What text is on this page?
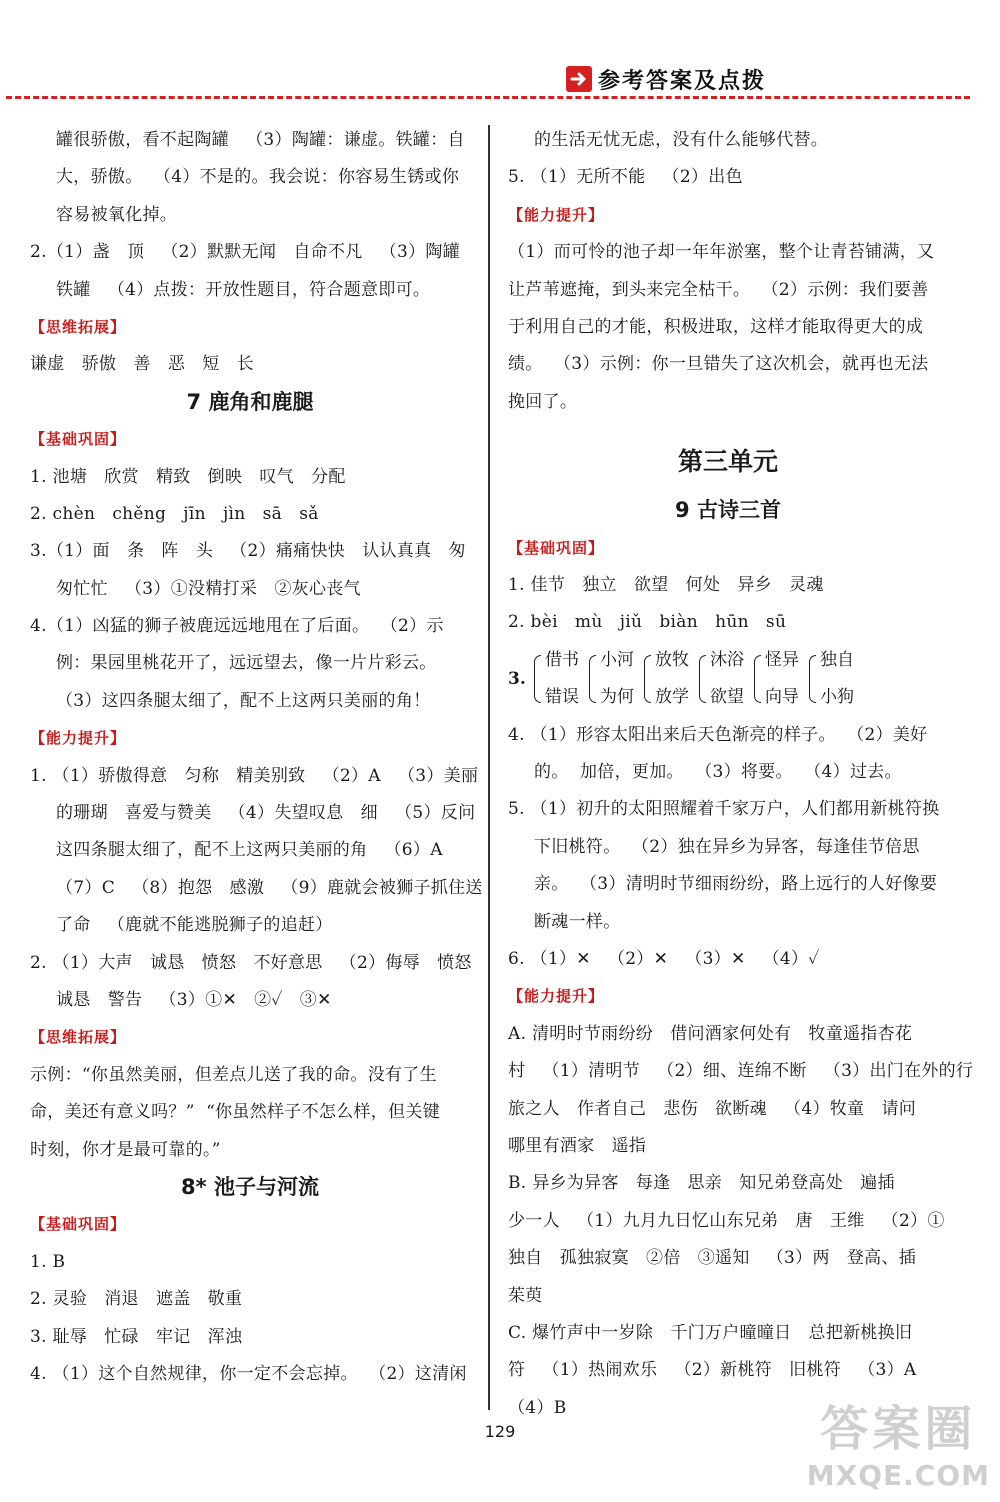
参考答案及点拨
罐很骄傲，看不起陶罐   （3）陶罐：谦虚。铁罐：自
大，骄傲。  （4）不是的。我会说：你容易生锈或你
容易被氧化掉。
2.（1）盏   顶   （2）默默无闻   自命不凡   （3）陶罐
铁罐   （4）点拨：开放性题目，符合题意即可。
【思维拓展】
谦虚   骄傲   善   恶   短   长
7 鹿角和鹿腿
【基础巩固】
1. 池塘   欣赏   精致   倒映   叹气   分配
2. chèn   chěng   jīn   jìn   sā   sǎ
3.（1）面   条   阵   头   （2）痛痛快快   认认真真   匆
匆忙忙   （3）①没精打采   ②灰心丧气
4.（1）凶猛的狮子被鹿远远地甩在了后面。  （2）示
例：果园里桃花开了，远远望去，像一片片彩云。
（3）这四条腿太细了，配不上这两只美丽的角！
【能力提升】
1. （1）骄傲得意   匀称   精美别致   （2）A   （3）美丽
的珊瑚   喜爱与赞美   （4）失望叹息   细   （5）反问
这四条腿太细了，配不上这两只美丽的角   （6）A
（7）C   （8）抱怨   感激   （9）鹿就会被狮子抓住送
了命   （鹿就不能逃脱狮子的追赶）
2. （1）大声   诚恳   愤怒   不好意思   （2）侮辱   愤怒
诚恳   警告   （3）①✕   ②✓   ③✕
【思维拓展】
示例：“你虽然美丽，但差点儿送了我的命。没有了生
命，美还有意义吗？”  “你虽然样子不怎么样，但关键
时刻，你才是最可靠的。”
8* 池子与河流
【基础巩固】
1. B
2. 灵验   消退   遮盖   敬重
3. 耻辱   忙碌   牢记   浑浊
4. （1）这个自然规律，你一定不会忘掉。  （2）这清闲
的生活无忧无虑，没有什么能够代替。
5. （1）无所不能   （2）出色
【能力提升】
（1）而可怜的池子却一年年淤塞，整个让青苔铺满，又
让芦苇遮掩，到头来完全枯干。  （2）示例：我们要善
于利用自己的才能，积极进取，这样才能取得更大的成
绩。  （3）示例：你一旦错失了这次机会，就再也无法
挽回了。
第三单元
9 古诗三首
【基础巩固】
1. 佳节   独立   欲望   何处   异乡   灵魂
2. bèi   mù   jiǔ   biàn   hūn   sū
3.
借书
错误
小河
为何
放牧
放学
沐浴
欲望
怪异
向导
独自
小狗
4. （1）形容太阳出来后天色渐亮的样子。  （2）美好
的。  加倍，更加。  （3）将要。  （4）过去。
5. （1）初升的太阳照耀着千家万户，人们都用新桃符换
下旧桃符。  （2）独在异乡为异客，每逢佳节倍思
亲。  （3）清明时节细雨纷纷，路上远行的人好像要
断魂一样。
6. （1）✕   （2）✕   （3）✕   （4）✓
【能力提升】
A. 清明时节雨纷纷   借问酒家何处有   牧童遥指杏花
村   （1）清明节   （2）细、连绵不断   （3）出门在外的行
旅之人   作者自己   悲伤   欲断魂   （4）牧童   请问
哪里有酒家   遥指
B. 异乡为异客   每逢   思亲   知兄弟登高处   遍插
少一人   （1）九月九日忆山东兄弟   唐   王维   （2）①
独自   孤独寂寞   ②倍   ③遥知   （3）两   登高、插
茱萸
C. 爆竹声中一岁除   千门万户曈曈日   总把新桃换旧
符   （1）热闹欢乐   （2）新桃符   旧桃符   （3）A
（4）B
129	答案圈
MXQE.COM
